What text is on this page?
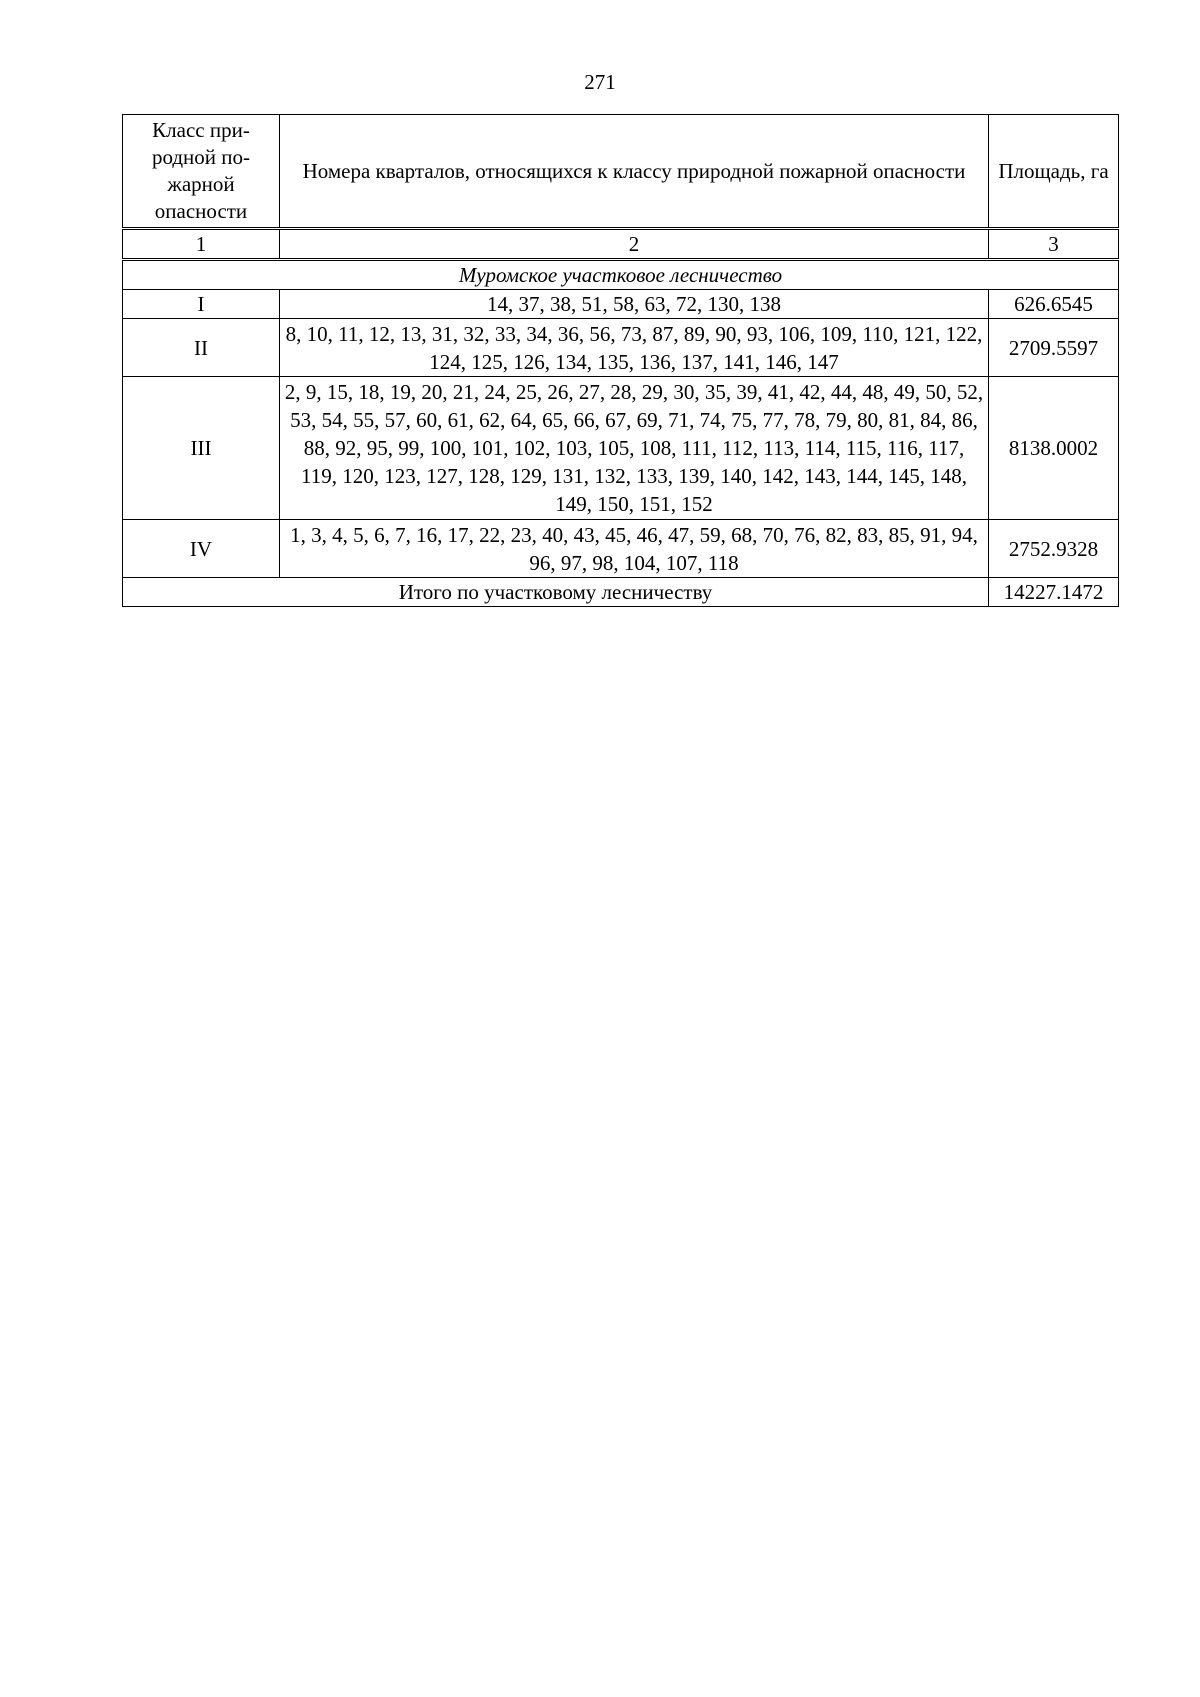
271
Класс при-
родной по-
жарной
опасности	Номера кварталов, относящихся к классу природной пожарной опасности	Площадь, га
1	2	3
Муромское участковое лесничество		
I	14, 37, 38, 51, 58, 63, 72, 130, 138	626.6545
II	8, 10, 11, 12, 13, 31, 32, 33, 34, 36, 56, 73, 87, 89, 90, 93, 106, 109, 110, 121, 122, 124, 125, 126, 134, 135, 136, 137, 141, 146, 147	2709.5597
III	2, 9, 15, 18, 19, 20, 21, 24, 25, 26, 27, 28, 29, 30, 35, 39, 41, 42, 44, 48, 49, 50, 52, 53, 54, 55, 57, 60, 61, 62, 64, 65, 66, 67, 69, 71, 74, 75, 77, 78, 79, 80, 81, 84, 86, 88, 92, 95, 99, 100, 101, 102, 103, 105, 108, 111, 112, 113, 114, 115, 116, 117, 119, 120, 123, 127, 128, 129, 131, 132, 133, 139, 140, 142, 143, 144, 145, 148, 149, 150, 151, 152	8138.0002
IV	1, 3, 4, 5, 6, 7, 16, 17, 22, 23, 40, 43, 45, 46, 47, 59, 68, 70, 76, 82, 83, 85, 91, 94, 96, 97, 98, 104, 107, 118	2752.9328
Итого по участковому лесничеству		14227.1472
